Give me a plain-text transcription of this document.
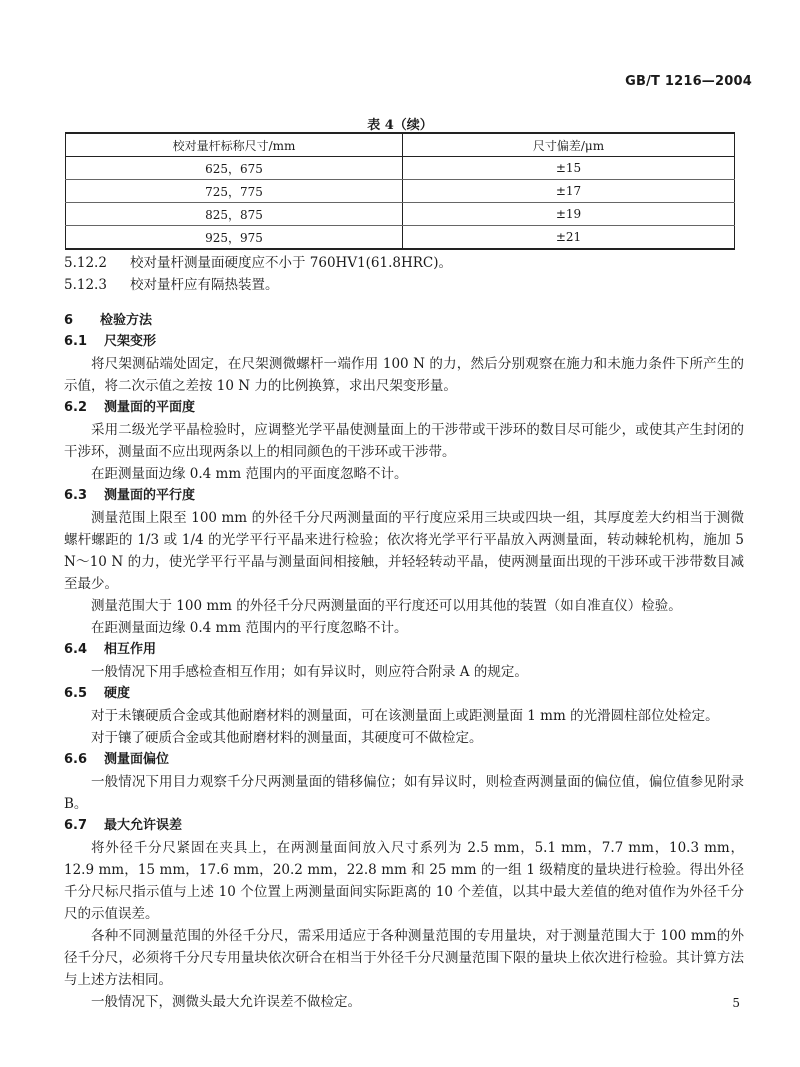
GB/T 1216—2004
表 4（续）
校对量杆标称尺寸/mm	尺寸偏差/μm
625，675	±15
725，775	±17
825，875	±19
925，975	±21
5.12.2 校对量杆测量面硬度应不小于 760HV1(61.8HRC)。
5.12.3 校对量杆应有隔热装置。
6 检验方法
6.1 尺架变形
将尺架测砧端处固定，在尺架测微螺杆一端作用 100 N 的力，然后分别观察在施力和未施力条件下所产生的示值，将二次示值之差按 10 N 力的比例换算，求出尺架变形量。
6.2 测量面的平面度
采用二级光学平晶检验时，应调整光学平晶使测量面上的干涉带或干涉环的数目尽可能少，或使其产生封闭的干涉环，测量面不应出现两条以上的相同颜色的干涉环或干涉带。
在距测量面边缘 0.4 mm 范围内的平面度忽略不计。
6.3 测量面的平行度
测量范围上限至 100 mm 的外径千分尺两测量面的平行度应采用三块或四块一组，其厚度差大约相当于测微螺杆螺距的 1/3 或 1/4 的光学平行平晶来进行检验；依次将光学平行平晶放入两测量面，转动棘轮机构，施加 5 N～10 N 的力，使光学平行平晶与测量面间相接触，并轻轻转动平晶，使两测量面出现的干涉环或干涉带数目减至最少。
测量范围大于 100 mm 的外径千分尺两测量面的平行度还可以用其他的装置（如自准直仪）检验。
在距测量面边缘 0.4 mm 范围内的平行度忽略不计。
6.4 相互作用
一般情况下用手感检查相互作用；如有异议时，则应符合附录 A 的规定。
6.5 硬度
对于未镶硬质合金或其他耐磨材料的测量面，可在该测量面上或距测量面 1 mm 的光滑圆柱部位处检定。
对于镶了硬质合金或其他耐磨材料的测量面，其硬度可不做检定。
6.6 测量面偏位
一般情况下用目力观察千分尺两测量面的错移偏位；如有异议时，则检查两测量面的偏位值，偏位值参见附录 B。
6.7 最大允许误差
将外径千分尺紧固在夹具上，在两测量面间放入尺寸系列为 2.5 mm，5.1 mm，7.7 mm，10.3 mm，12.9 mm，15 mm，17.6 mm，20.2 mm，22.8 mm 和 25 mm 的一组 1 级精度的量块进行检验。得出外径千分尺标尺指示值与上述 10 个位置上两测量面间实际距离的 10 个差值，以其中最大差值的绝对值作为外径千分尺的示值误差。
各种不同测量范围的外径千分尺，需采用适应于各种测量范围的专用量块，对于测量范围大于 100 mm的外径千分尺，必须将千分尺专用量块依次研合在相当于外径千分尺测量范围下限的量块上依次进行检验。其计算方法与上述方法相同。
一般情况下，测微头最大允许误差不做检定。	5
